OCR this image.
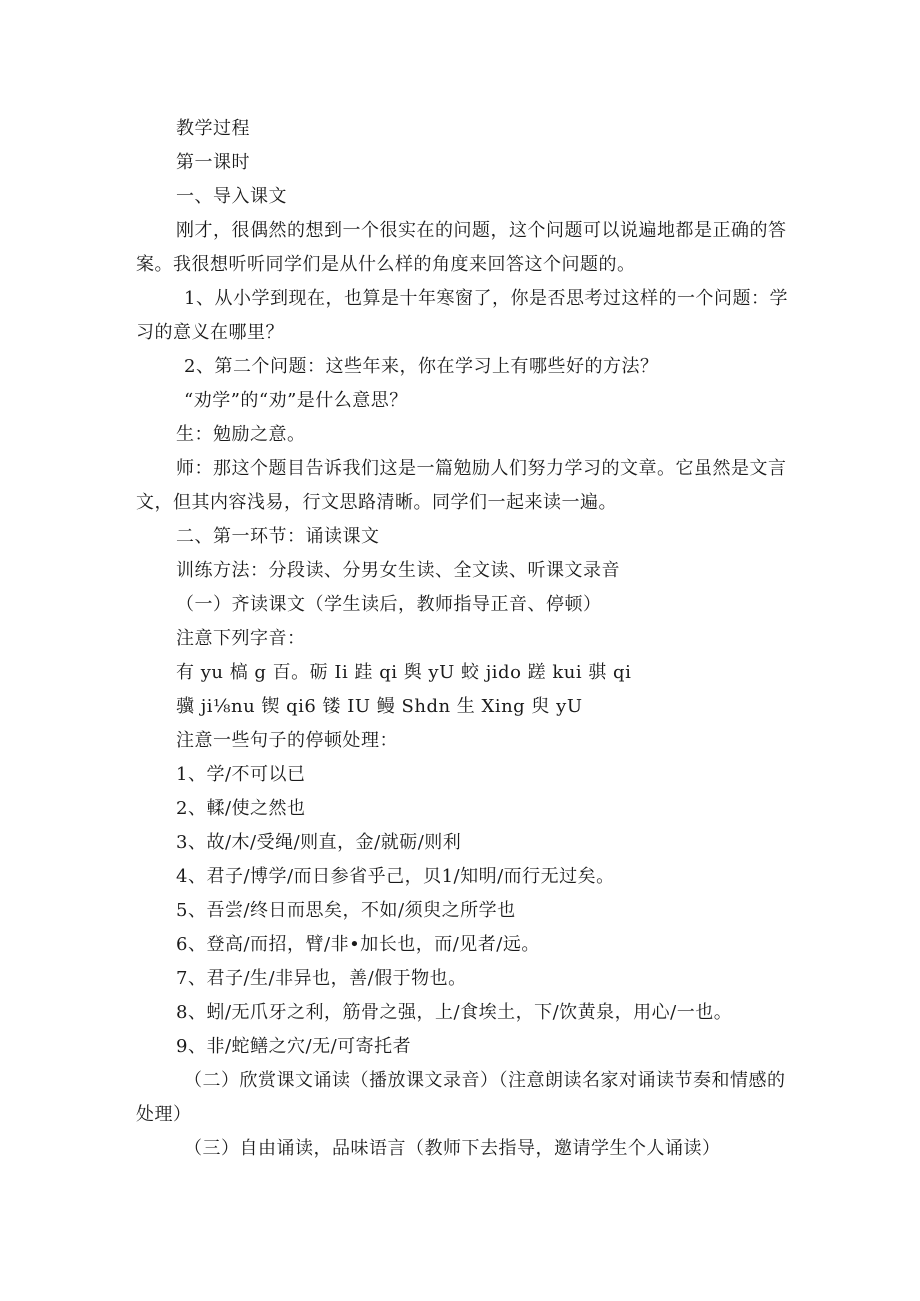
教学过程
第一课时
一、导入课文
刚才，很偶然的想到一个很实在的问题，这个问题可以说遍地都是正确的答案。我很想听听同学们是从什么样的角度来回答这个问题的。
1、从小学到现在，也算是十年寒窗了，你是否思考过这样的一个问题：学习的意义在哪里？
2、第二个问题：这些年来，你在学习上有哪些好的方法？
“劝学”的“劝”是什么意思？
生：勉励之意。
师：那这个题目告诉我们这是一篇勉励人们努力学习的文章。它虽然是文言文，但其内容浅易，行文思路清晰。同学们一起来读一遍。
二、第一环节：诵读课文
训练方法：分段读、分男女生读、全文读、听课文录音
（一）齐读课文（学生读后，教师指导正音、停顿）
注意下列字音：
有 yu 槁 g 百。砺 Ii 跬 qi 舆 yU 蛟 jido 蹉 kui 骐 qi
骥 ji⅛nu 锲 qi6 镂 IU 鳗 Shdn 生 Xing 臾 yU
注意一些句子的停顿处理：
1、学/不可以已
2、輮/使之然也
3、故/木/受绳/则直，金/就砺/则利
4、君子/博学/而日参省乎己，贝1/知明/而行无过矣。
5、吾尝/终日而思矣，不如/须臾之所学也
6、登高/而招，臂/非•加长也，而/见者/远。
7、君子/生/非异也，善/假于物也。
8、蚓/无爪牙之利，筋骨之强，上/食埃土，下/饮黄泉，用心/一也。
9、非/蛇鳝之穴/无/可寄托者
（二）欣赏课文诵读（播放课文录音）（注意朗读名家对诵读节奏和情感的处理）
（三）自由诵读，品味语言（教师下去指导，邀请学生个人诵读）
